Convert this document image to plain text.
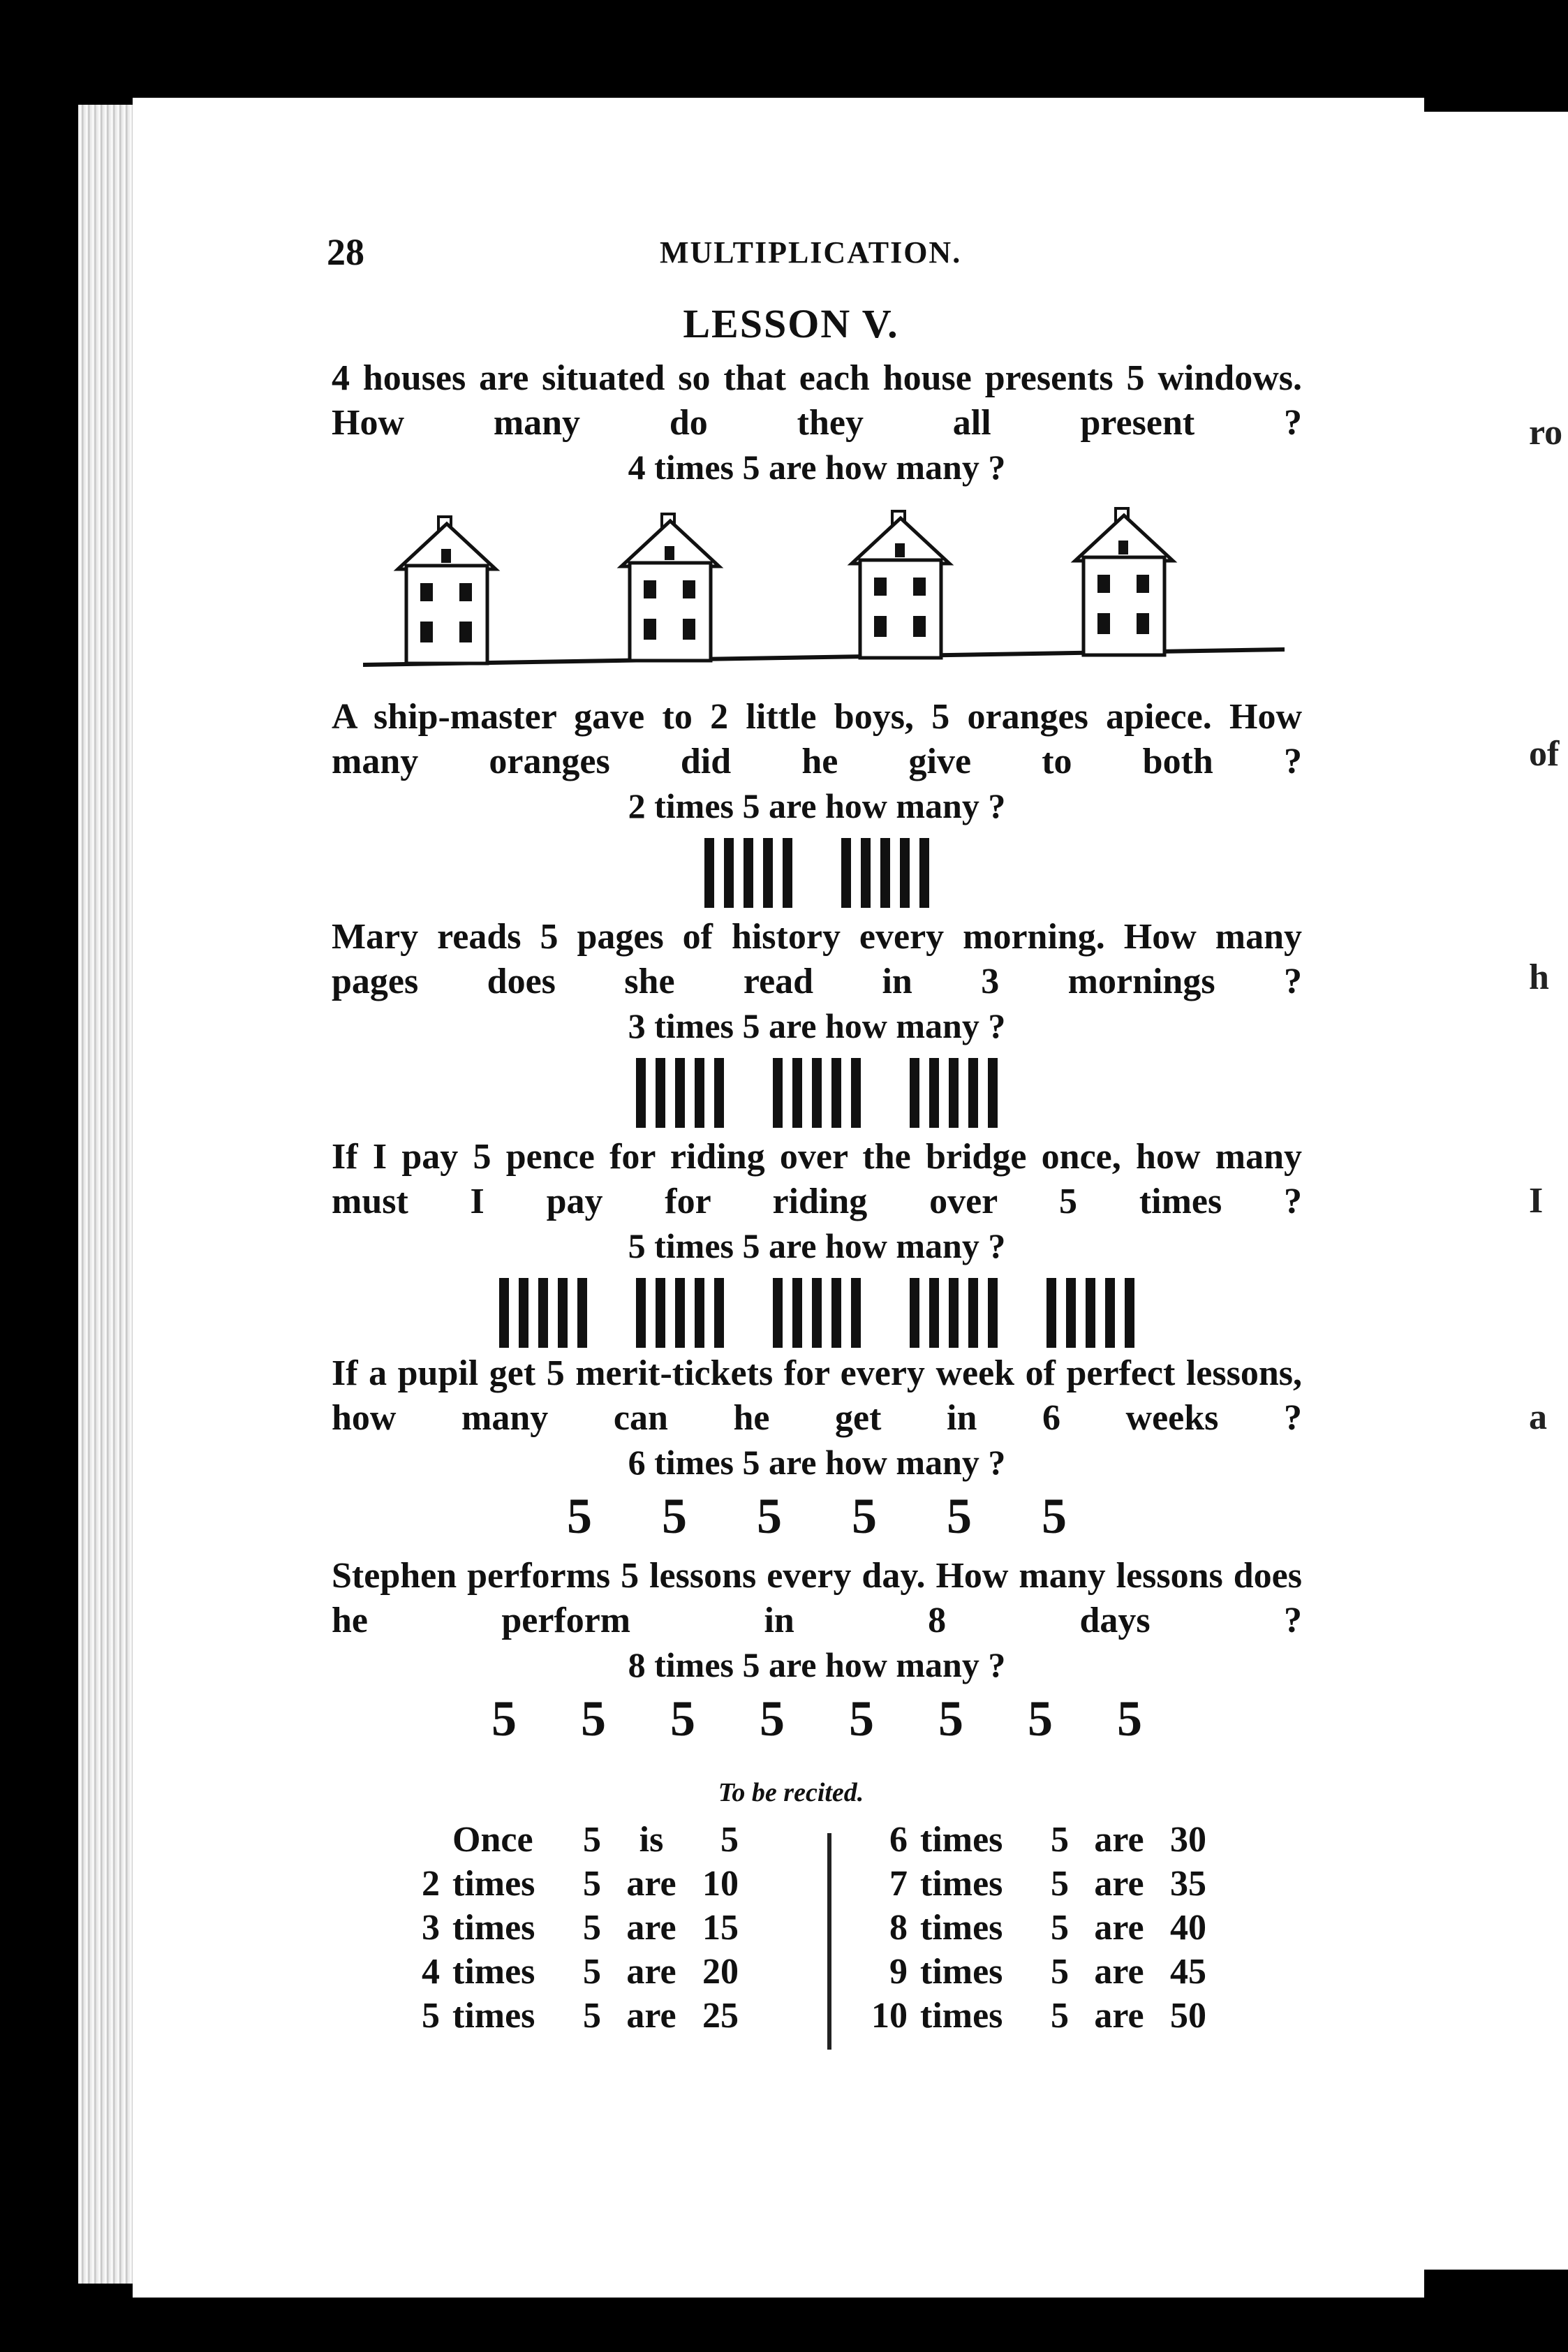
ro
of
h
I
a
28	MULTIPLICATION.
LESSON V.
4 houses are situated so that each house presents 5 windows. How many do they all present ?
4 times 5 are how many ?
A ship-master gave to 2 little boys, 5 oranges apiece. How many oranges did he give to both ?
2 times 5 are how many ?
Mary reads 5 pages of history every morning. How many pages does she read in 3 mornings ?
3 times 5 are how many ?
If I pay 5 pence for riding over the bridge once, how many must I pay for riding over 5 times ?
5 times 5 are how many ?
If a pupil get 5 merit-tickets for every week of perfect lessons, how many can he get in 6 weeks ?
6 times 5 are how many ?
5 5 5 5 5 5
Stephen performs 5 lessons every day. How many lessons does he perform in 8 days ?
8 times 5 are how many ?
5 5 5 5 5 5 5 5
To be recited.
Once 5 is 5
2 times 5 are 10
3 times 5 are 15
4 times 5 are 20
5 times 5 are 25
6 times 5 are 30
7 times 5 are 35
8 times 5 are 40
9 times 5 are 45
10 times 5 are 50
